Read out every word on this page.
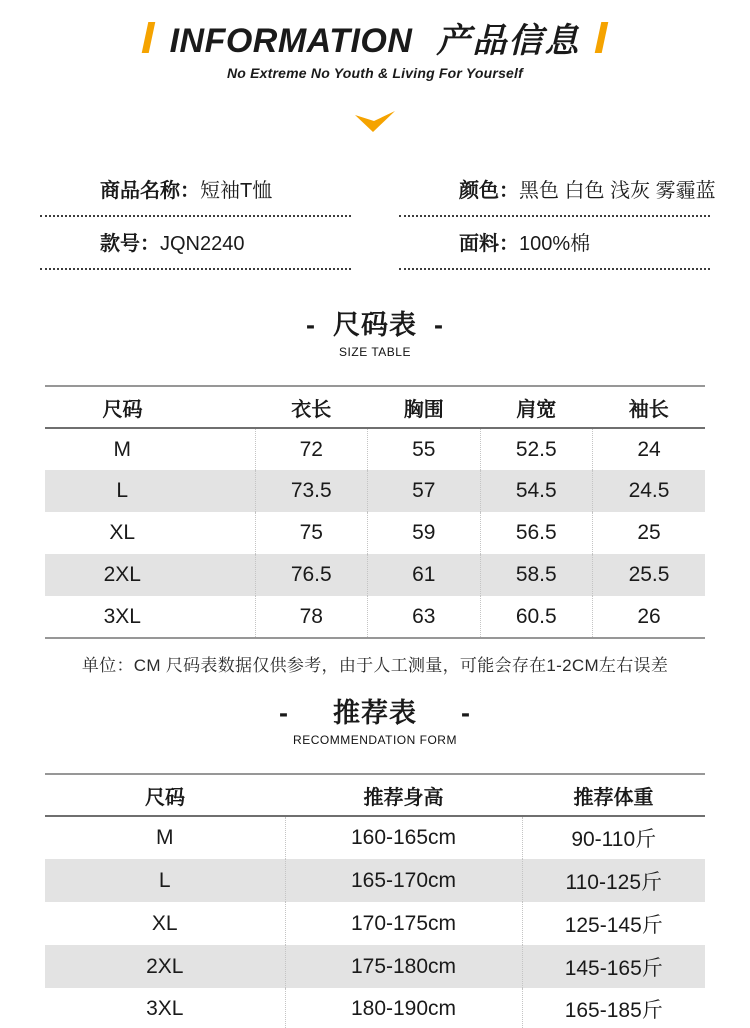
INFORMATION 产品信息
No Extreme No Youth & Living For Yourself
商品名称：短袖T恤	颜色：黑色 白色 浅灰 雾霾蓝
款号：JQN2240	面料：100%棉
- 尺码表 -
SIZE TABLE
尺码	衣长	胸围	肩宽	袖长
M	72	55	52.5	24
L	73.5	57	54.5	24.5
XL	75	59	56.5	25
2XL	76.5	61	58.5	25.5
3XL	78	63	60.5	26
单位：CM 尺码表数据仅供参考，由于人工测量，可能会存在1-2CM左右误差
- 推荐表 -
RECOMMENDATION FORM
尺码	推荐身高	推荐体重
M	160-165cm	90-110斤
L	165-170cm	110-125斤
XL	170-175cm	125-145斤
2XL	175-180cm	145-165斤
3XL	180-190cm	165-185斤
